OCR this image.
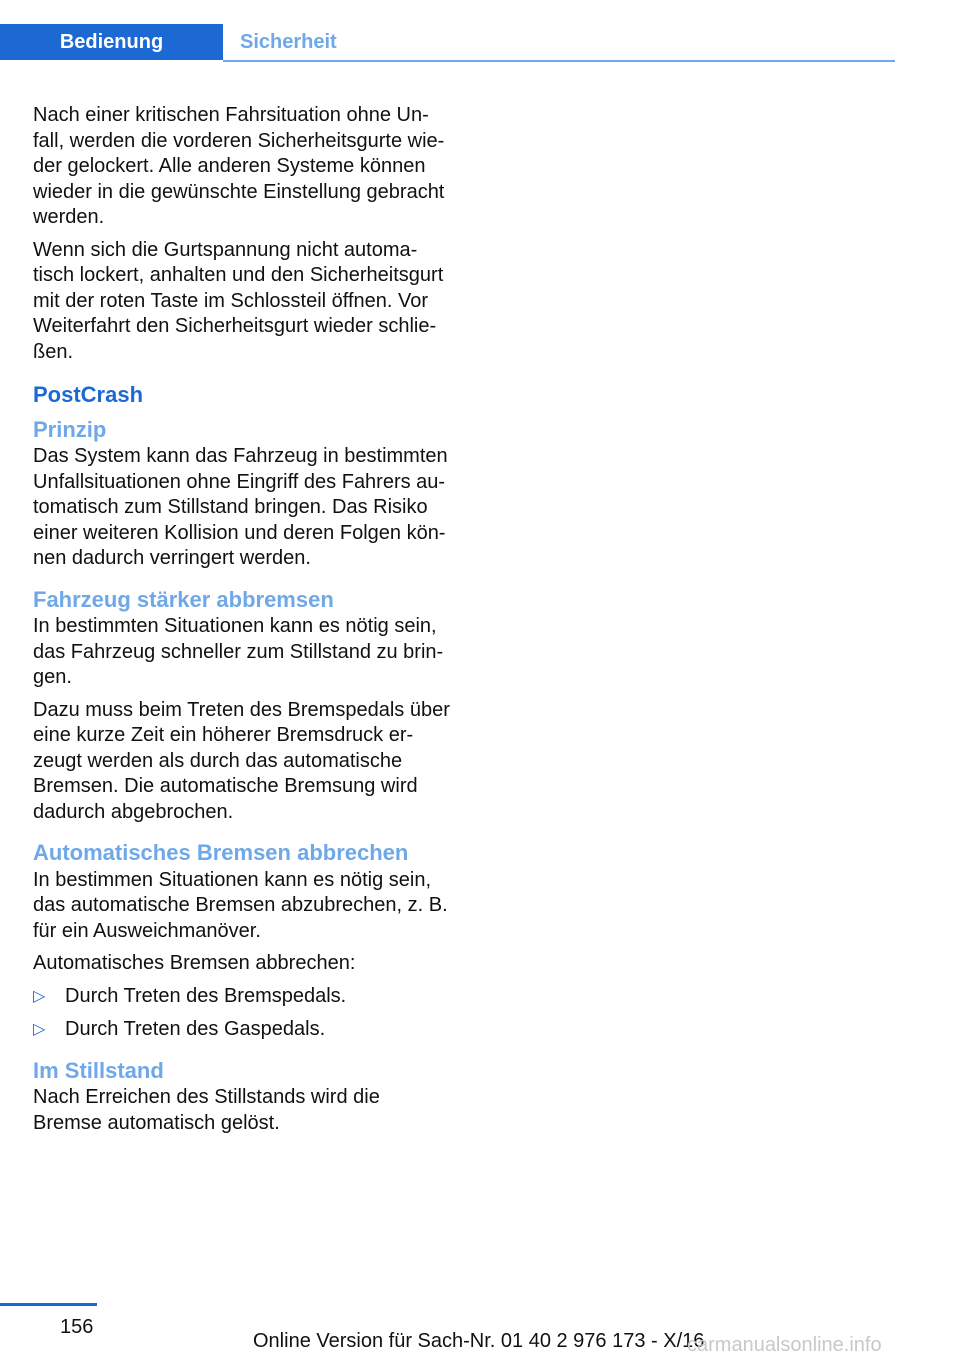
Bedienung	Sicherheit

Nach einer kritischen Fahrsituation ohne Un‐fall, werden die vorderen Sicherheitsgurte wie‐der gelockert. Alle anderen Systeme können wieder in die gewünschte Einstellung gebracht werden.

Wenn sich die Gurtspannung nicht automa‐tisch lockert, anhalten und den Sicherheitsgurt mit der roten Taste im Schlossteil öffnen. Vor Weiterfahrt den Sicherheitsgurt wieder schlie‐ßen.

PostCrash
Prinzip

Das System kann das Fahrzeug in bestimmten Unfallsituationen ohne Eingriff des Fahrers au‐tomatisch zum Stillstand bringen. Das Risiko einer weiteren Kollision und deren Folgen kön‐nen dadurch verringert werden.

Fahrzeug stärker abbremsen

In bestimmten Situationen kann es nötig sein, das Fahrzeug schneller zum Stillstand zu brin‐gen.

Dazu muss beim Treten des Bremspedals über eine kurze Zeit ein höherer Bremsdruck er‐zeugt werden als durch das automatische Bremsen. Die automatische Bremsung wird dadurch abgebrochen.

Automatisches Bremsen abbrechen

In bestimmen Situationen kann es nötig sein, das automatische Bremsen abzubrechen, z. B. für ein Ausweichmanöver.

Automatisches Bremsen abbrechen:

▷ Durch Treten des Bremspedals.
▷ Durch Treten des Gaspedals.
Im Stillstand

Nach Erreichen des Stillstands wird die Bremse automatisch gelöst.

156
Online Version für Sach-Nr. 01 40 2 976 173 - X/16
carmanualsonline.info
